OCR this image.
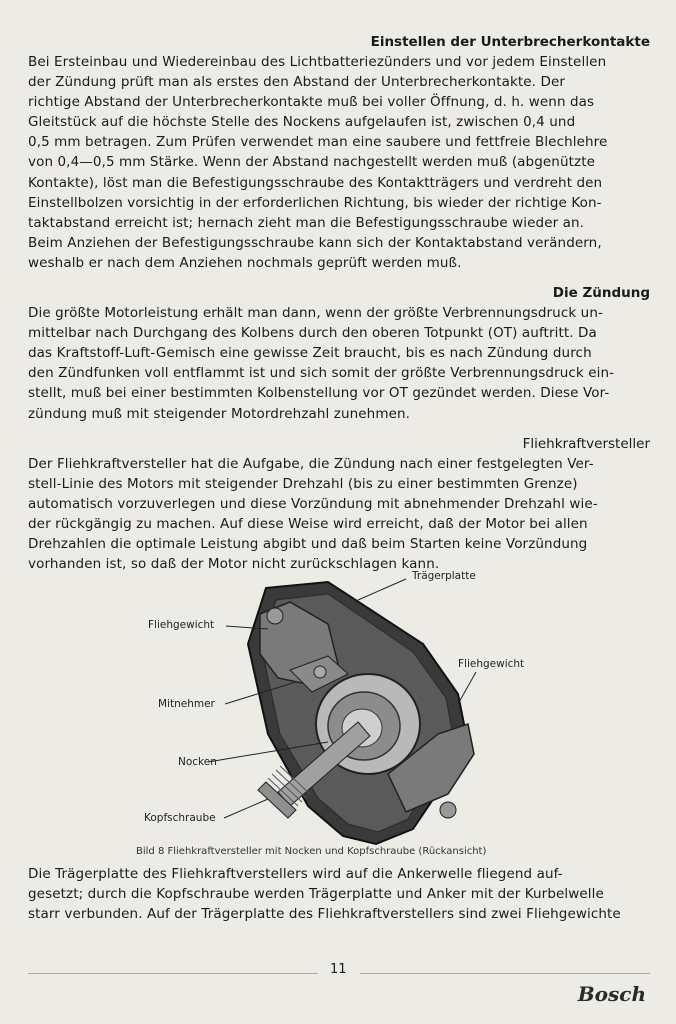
Einstellen der Unterbrecherkontakte

Bei Ersteinbau und Wiedereinbau des Lichtbatteriezünders und vor jedem Einstellen
der Zündung prüft man als erstes den Abstand der Unterbrecherkontakte. Der
richtige Abstand der Unterbrecherkontakte muß bei voller Öffnung, d. h. wenn das
Gleitstück auf die höchste Stelle des Nockens aufgelaufen ist, zwischen 0,4 und
0,5 mm betragen. Zum Prüfen verwendet man eine saubere und fettfreie Blechlehre
von 0,4—0,5 mm Stärke. Wenn der Abstand nachgestellt werden muß (abgenützte
Kontakte), löst man die Befestigungsschraube des Kontaktträgers und verdreht den
Einstellbolzen vorsichtig in der erforderlichen Richtung, bis wieder der richtige Kon-
taktabstand erreicht ist; hernach zieht man die Befestigungsschraube wieder an.
Beim Anziehen der Befestigungsschraube kann sich der Kontaktabstand verändern,
weshalb er nach dem Anziehen nochmals geprüft werden muß.

Die Zündung

Die größte Motorleistung erhält man dann, wenn der größte Verbrennungsdruck un-
mittelbar nach Durchgang des Kolbens durch den oberen Totpunkt (OT) auftritt. Da
das Kraftstoff-Luft-Gemisch eine gewisse Zeit braucht, bis es nach Zündung durch
den Zündfunken voll entflammt ist und sich somit der größte Verbrennungsdruck ein-
stellt, muß bei einer bestimmten Kolbenstellung vor OT gezündet werden. Diese Vor-
zündung muß mit steigender Motordrehzahl zunehmen.

Fliehkraftversteller

Der Fliehkraftversteller hat die Aufgabe, die Zündung nach einer festgelegten Ver-
stell-Linie des Motors mit steigender Drehzahl (bis zu einer bestimmten Grenze)
automatisch vorzuverlegen und diese Vorzündung mit abnehmender Drehzahl wie-
der rückgängig zu machen. Auf diese Weise wird erreicht, daß der Motor bei allen
Drehzahlen die optimale Leistung abgibt und daß beim Starten keine Vorzündung
vorhanden ist, so daß der Motor nicht zurückschlagen kann.
Trägerplatte
Fliehgewicht
Fliehgewicht
Mitnehmer
Nocken
Kopfschraube
Bild 8 Fliehkraftversteller mit Nocken und Kopfschraube (Rückansicht)
Die Trägerplatte des Fliehkraftverstellers wird auf die Ankerwelle fliegend auf-
gesetzt; durch die Kopfschraube werden Trägerplatte und Anker mit der Kurbelwelle
starr verbunden. Auf der Trägerplatte des Fliehkraftverstellers sind zwei Fliehgewichte
11
Bosch
